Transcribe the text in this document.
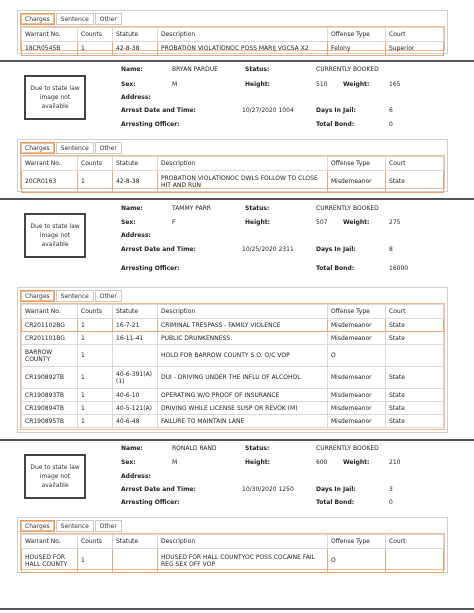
Charges	Sentence	Other
Warrant No.	Counts	Statute	Description	Offense Type	Court
18CR0545B	1	42-8-38	PROBATION VIOLATIONOC POSS MARIJ VGCSA X2	Felony	Superior
Due to state law image not available
Name:	BRYAN PARDUE
Sex:	M
Address:
Arrest Date and Time:	10/27/2020 1004
Arresting Officer:
Status:	CURRENTLY BOOKED
Height:	510	Weight:	165
Days In Jail:	6
Total Bond:	0
Charges	Sentence	Other
Warrant No.	Counts	Statute	Description	Offense Type	Court
20CR0163	1	42-8-38	PROBATION VIOLATIONOC DWLS FOLLOW TO CLOSE HIT AND RUN	Misdemeanor	State
Due to state law image not available
Name:	TAMMY PARR
Sex:	F
Address:
Arrest Date and Time:	10/25/2020 2311
Arresting Officer:
Status:	CURRENTLY BOOKED
Height:	507	Weight:	275
Days In Jail:	8
Total Bond:	16000
Charges	Sentence	Other
Warrant No.	Counts	Statute	Description	Offense Type	Court
CR201102BG	1	16-7-21	CRIMINAL TRESPASS - FAMILY VIOLENCE	Misdemeanor	State
CR201101BG	1	16-11-41	PUBLIC DRUNKENNESS.	Misdemeanor	State
BARROW COUNTY	1		HOLD FOR BARROW COUNTY S.O. O/C VOP	O	
CR190892TB	1	40-6-391(A)(1)	DUI - DRIVING UNDER THE INFLU OF ALCOHOL	Misdemeanor	State
CR190893TB	1	40-6-10	OPERATING W/O PROOF OF INSURANCE	Misdemeanor	State
CR190894TB	1	40-5-121(A)	DRIVING WHILE LICENSE SUSP OR REVOK (M)	Misdemeanor	State
CR190895TB	1	40-6-48	FAILURE TO MAINTAIN LANE	Misdemeanor	State
Due to state law image not available
Name:	RONALD RAND
Sex:	M
Address:
Arrest Date and Time:	10/30/2020 1250
Arresting Officer:
Status:	CURRENTLY BOOKED
Height:	600	Weight:	210
Days In Jail:	3
Total Bond:	0
Charges	Sentence	Other
Warrant No.	Counts	Statute	Description	Offense Type	Court
HOUSED FOR HALL COUNTY	1		HOUSED FOR HALL COUNTYOC POSS COCAINE FAIL REG SEX OFF VOP	O	
